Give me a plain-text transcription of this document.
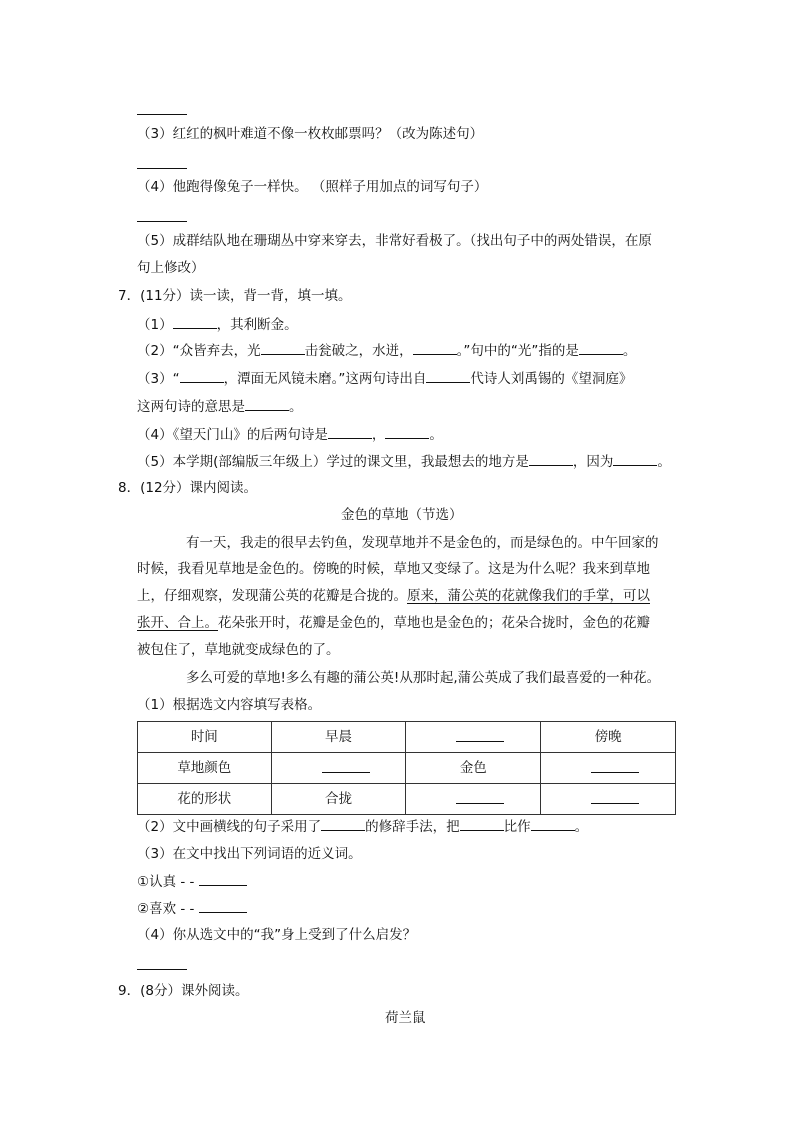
（3）红红的枫叶难道不像一枚枚邮票吗？（改为陈述句）
（4）他跑得像兔子一样快。 （照样子用加点的词写句子）
（5）成群结队地在珊瑚丛中穿来穿去，非常好看极了。（找出句子中的两处错误，在原
句上修改）
7．(11分）读一读，背一背，填一填。
（1）	，其利断金。
（2）“众皆弃去，光	击瓮破之，水迸，	。”句中的“光”指的是	。
（3）“	，潭面无风镜未磨。”这两句诗出自	代诗人刘禹锡的《望洞庭》
这两句诗的意思是	。
（4）《望天门山》的后两句诗是	，	。
（5）本学期(部编版三年级上）学过的课文里，我最想去的地方是	，因为	。
8．(12分）课内阅读。
金色的草地（节选）
有一天，我走的很早去钓鱼，发现草地并不是金色的，而是绿色的。中午回家的
时候，我看见草地是金色的。傍晚的时候，草地又变绿了。这是为什么呢？我来到草地
上，仔细观察，发现蒲公英的花瓣是合拢的。原来，蒲公英的花就像我们的手掌，可以
张开、合上。花朵张开时，花瓣是金色的，草地也是金色的；花朵合拢时，金色的花瓣
被包住了，草地就变成绿色的了。
多么可爱的草地!多么有趣的蒲公英!从那时起,蒲公英成了我们最喜爱的一种花。
（1）根据选文内容填写表格。
时间	早晨		傍晚
草地颜色		金色	
花的形状	合拢		
（2）文中画横线的句子采用了	的修辞手法，把	比作	。
（3）在文中找出下列词语的近义词。
①认真 - -
②喜欢 - -
（4）你从选文中的“我”身上受到了什么启发？
9．(8分）课外阅读。
荷兰鼠
